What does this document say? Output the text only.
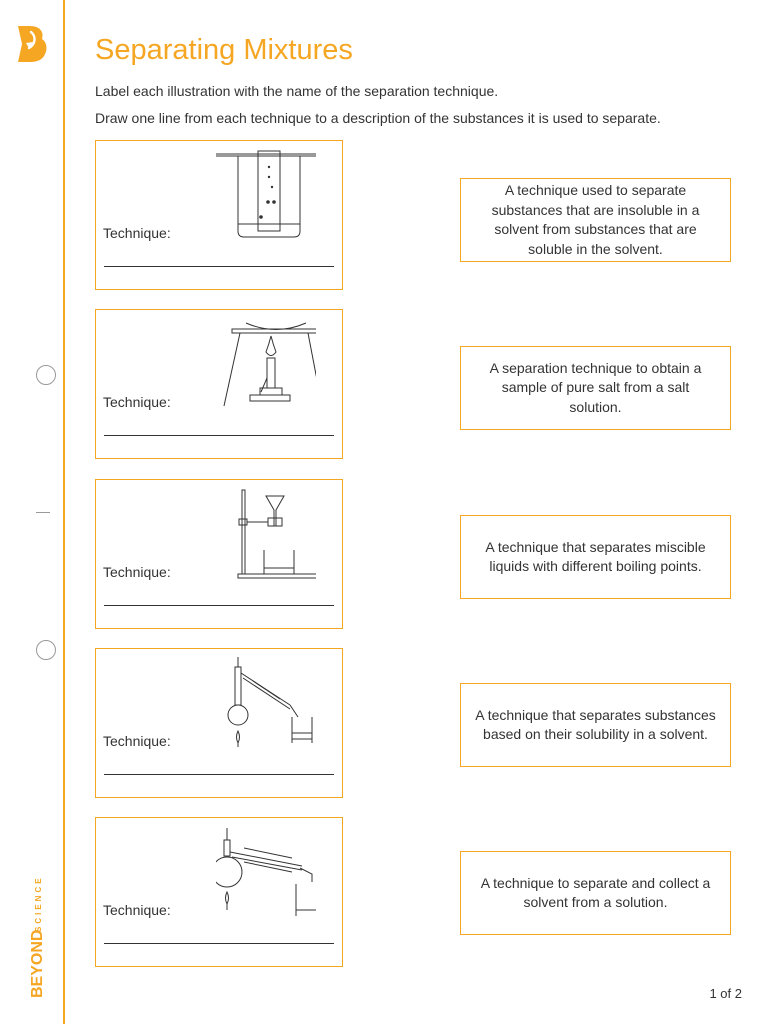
BEYOND
SCIENCE
Separating Mixtures
Label each illustration with the name of the separation technique.
Draw one line from each technique to a description of the substances it is used to separate.
Technique:
Technique:
Technique:
Technique:
Technique:
A technique used to separate substances that are insoluble in a solvent from substances that are soluble in the solvent.
A separation technique to obtain a sample of pure salt from a salt solution.
A technique that separates miscible liquids with different boiling points.
A technique that separates substances based on their solubility in a solvent.
A technique to separate and collect a solvent from a solution.
1 of 2
